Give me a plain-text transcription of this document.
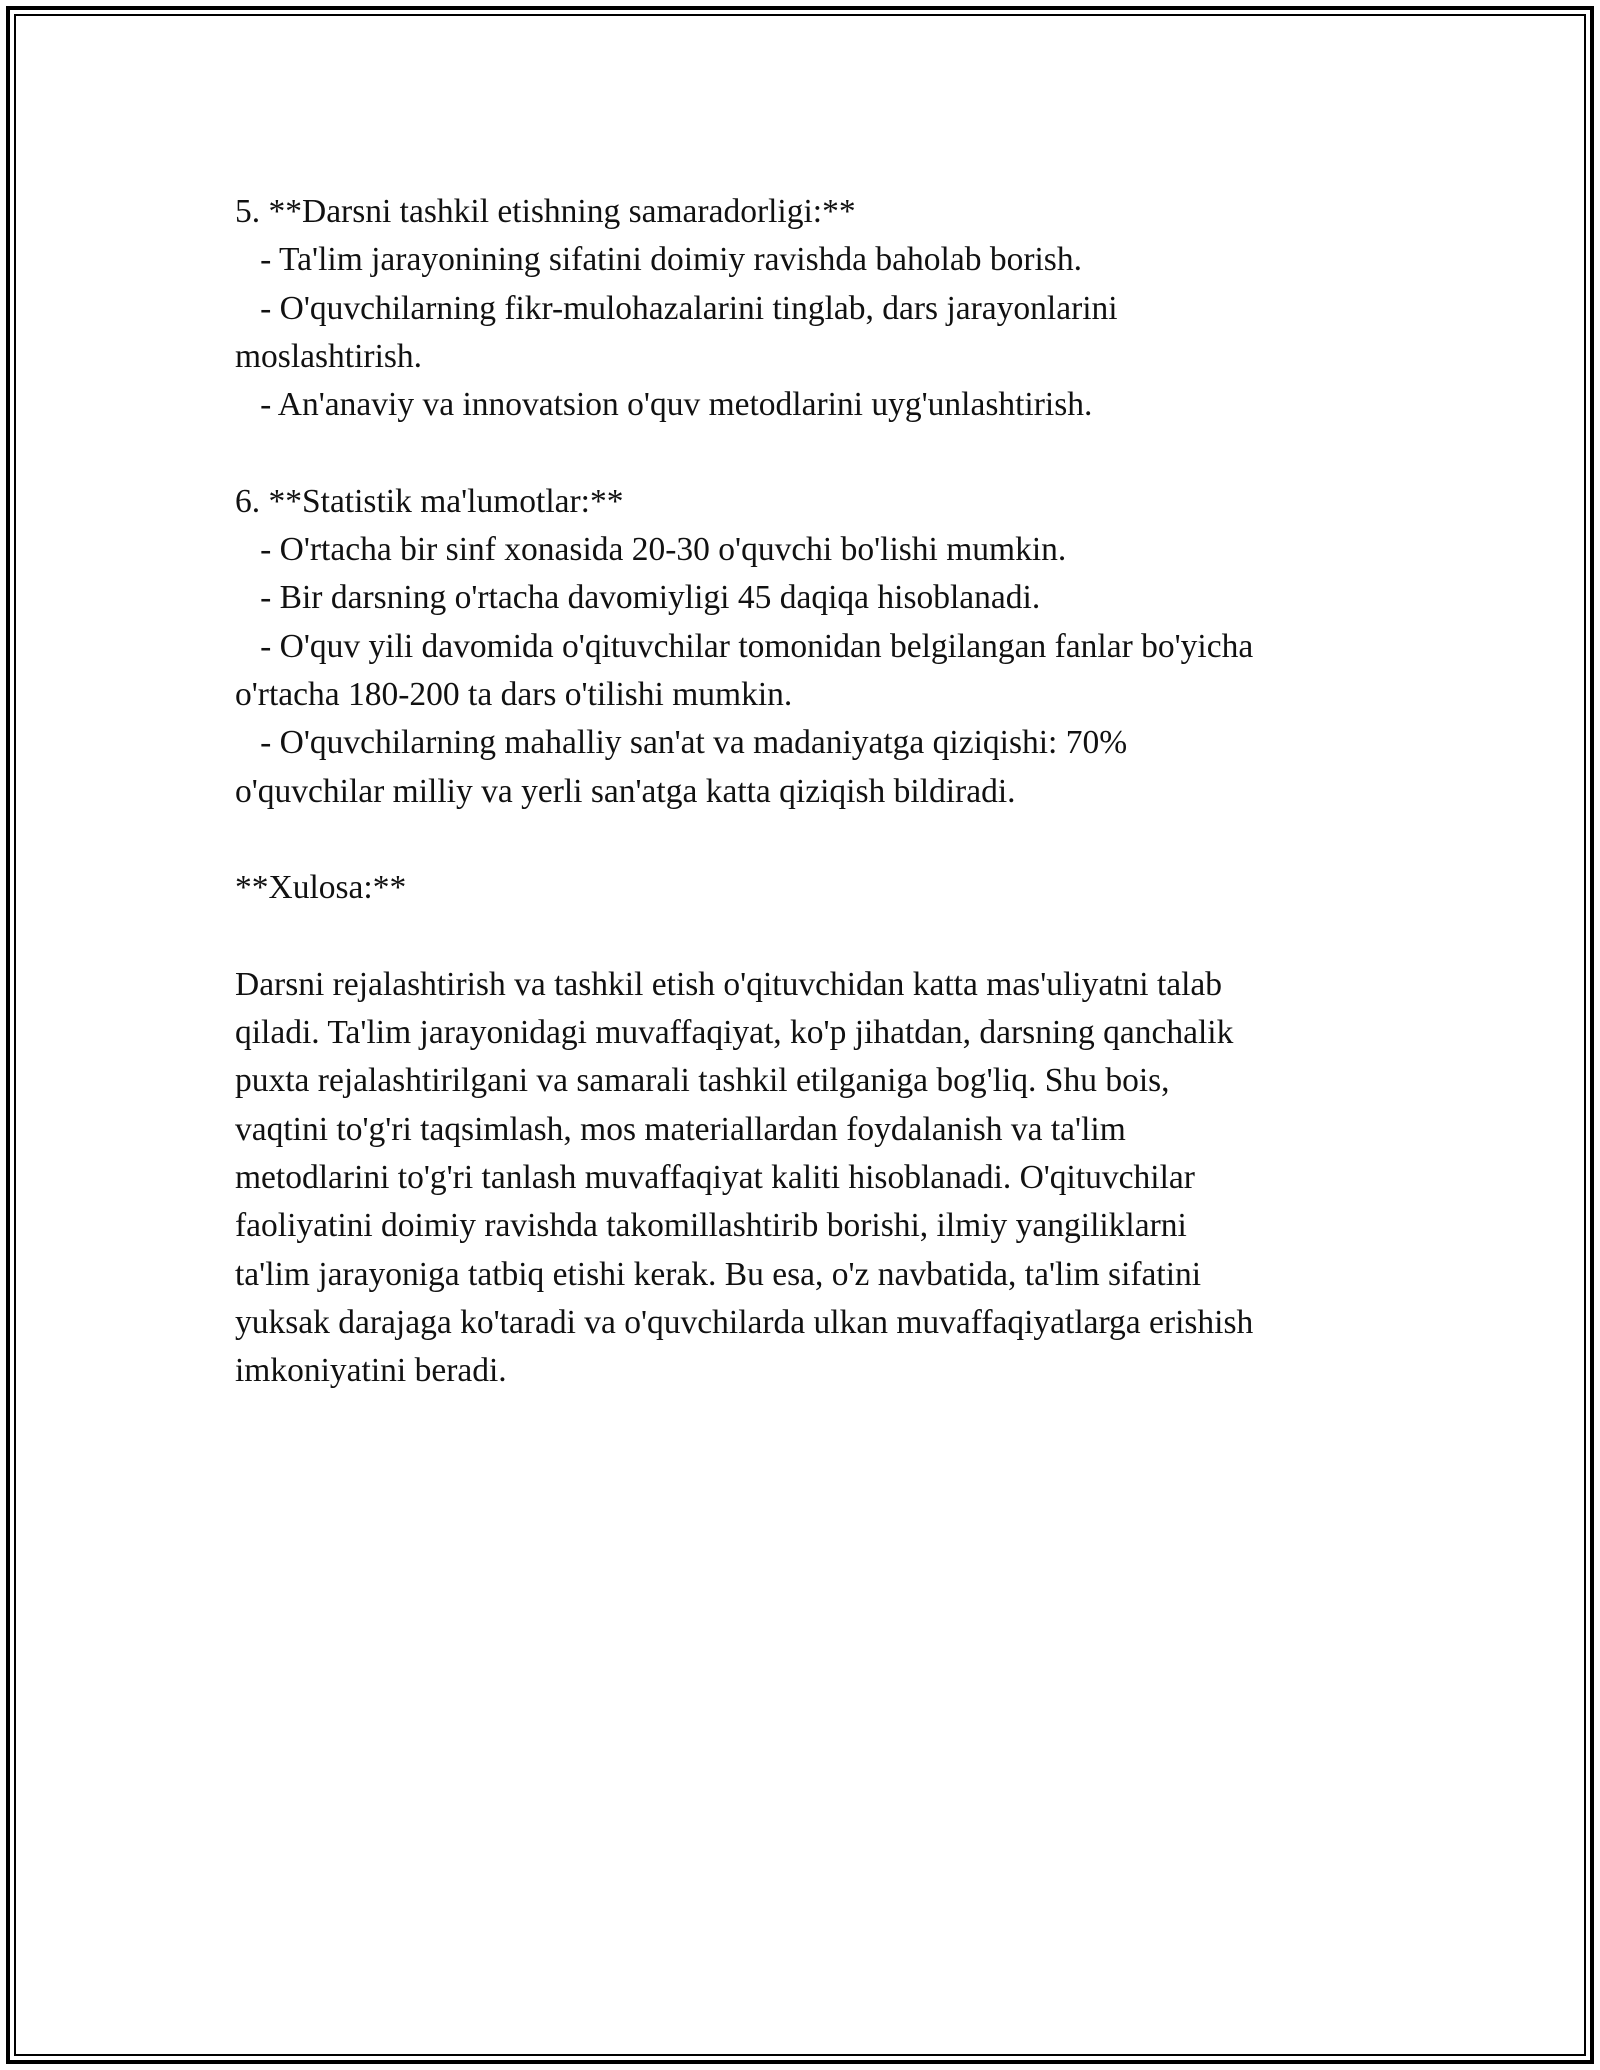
5. **Darsni tashkil etishning samaradorligi:**
- Ta'lim jarayonining sifatini doimiy ravishda baholab borish.
- O'quvchilarning fikr-mulohazalarini tinglab, dars jarayonlarini
moslashtirish.
- An'anaviy va innovatsion o'quv metodlarini uyg'unlashtirish.
6. **Statistik ma'lumotlar:**
- O'rtacha bir sinf xonasida 20-30 o'quvchi bo'lishi mumkin.
- Bir darsning o'rtacha davomiyligi 45 daqiqa hisoblanadi.
- O'quv yili davomida o'qituvchilar tomonidan belgilangan fanlar bo'yicha
o'rtacha 180-200 ta dars o'tilishi mumkin.
- O'quvchilarning mahalliy san'at va madaniyatga qiziqishi: 70%
o'quvchilar milliy va yerli san'atga katta qiziqish bildiradi.
**Xulosa:**
Darsni rejalashtirish va tashkil etish o'qituvchidan katta mas'uliyatni talab
qiladi. Ta'lim jarayonidagi muvaffaqiyat, ko'p jihatdan, darsning qanchalik
puxta rejalashtirilgani va samarali tashkil etilganiga bog'liq. Shu bois,
vaqtini to'g'ri taqsimlash, mos materiallardan foydalanish va ta'lim
metodlarini to'g'ri tanlash muvaffaqiyat kaliti hisoblanadi. O'qituvchilar
faoliyatini doimiy ravishda takomillashtirib borishi, ilmiy yangiliklarni
ta'lim jarayoniga tatbiq etishi kerak. Bu esa, o'z navbatida, ta'lim sifatini
yuksak darajaga ko'taradi va o'quvchilarda ulkan muvaffaqiyatlarga erishish
imkoniyatini beradi.
